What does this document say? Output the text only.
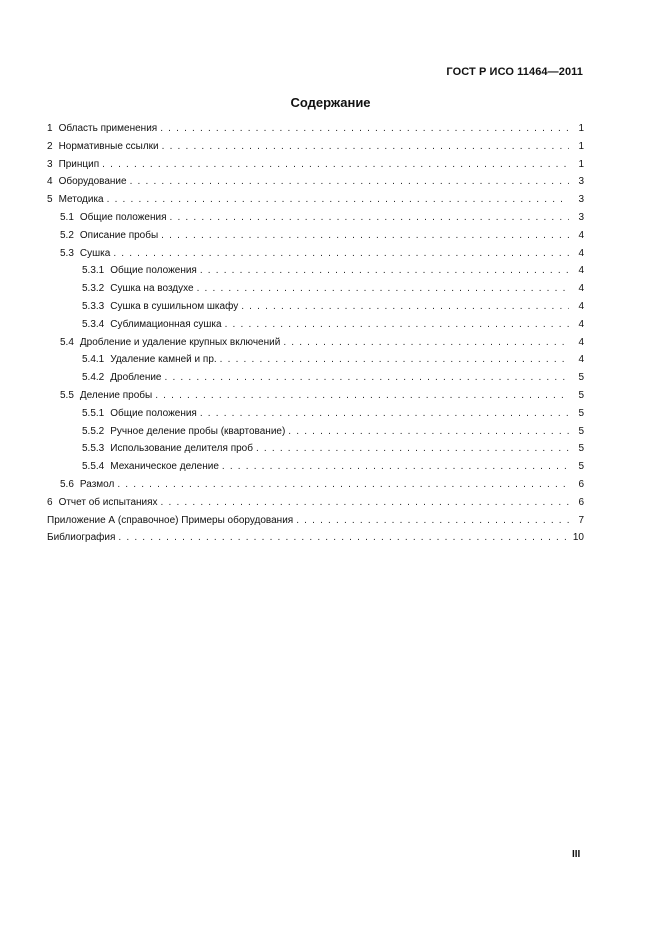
ГОСТ Р ИСО 11464—2011
Содержание
1 Область применения . . .	1
2 Нормативные ссылки . . .	1
3 Принцип . . .	1
4 Оборудование . . .	3
5 Методика . . .	3
5.1 Общие положения . . .	3
5.2 Описание пробы . . .	4
5.3 Сушка . . .	4
5.3.1 Общие положения . . .	4
5.3.2 Сушка на воздухе . . .	4
5.3.3 Сушка в сушильном шкафу . . .	4
5.3.4 Сублимационная сушка . . .	4
5.4 Дробление и удаление крупных включений . . .	4
5.4.1 Удаление камней и пр. . . .	4
5.4.2 Дробление . . .	5
5.5 Деление пробы . . .	5
5.5.1 Общие положения . . .	5
5.5.2 Ручное деление пробы (квартование) . . .	5
5.5.3 Использование делителя проб . . .	5
5.5.4 Механическое деление . . .	5
5.6 Размол . . .	6
6 Отчет об испытаниях . . .	6
Приложение А (справочное) Примеры оборудования . . .	7
Библиография . . .	10
III
